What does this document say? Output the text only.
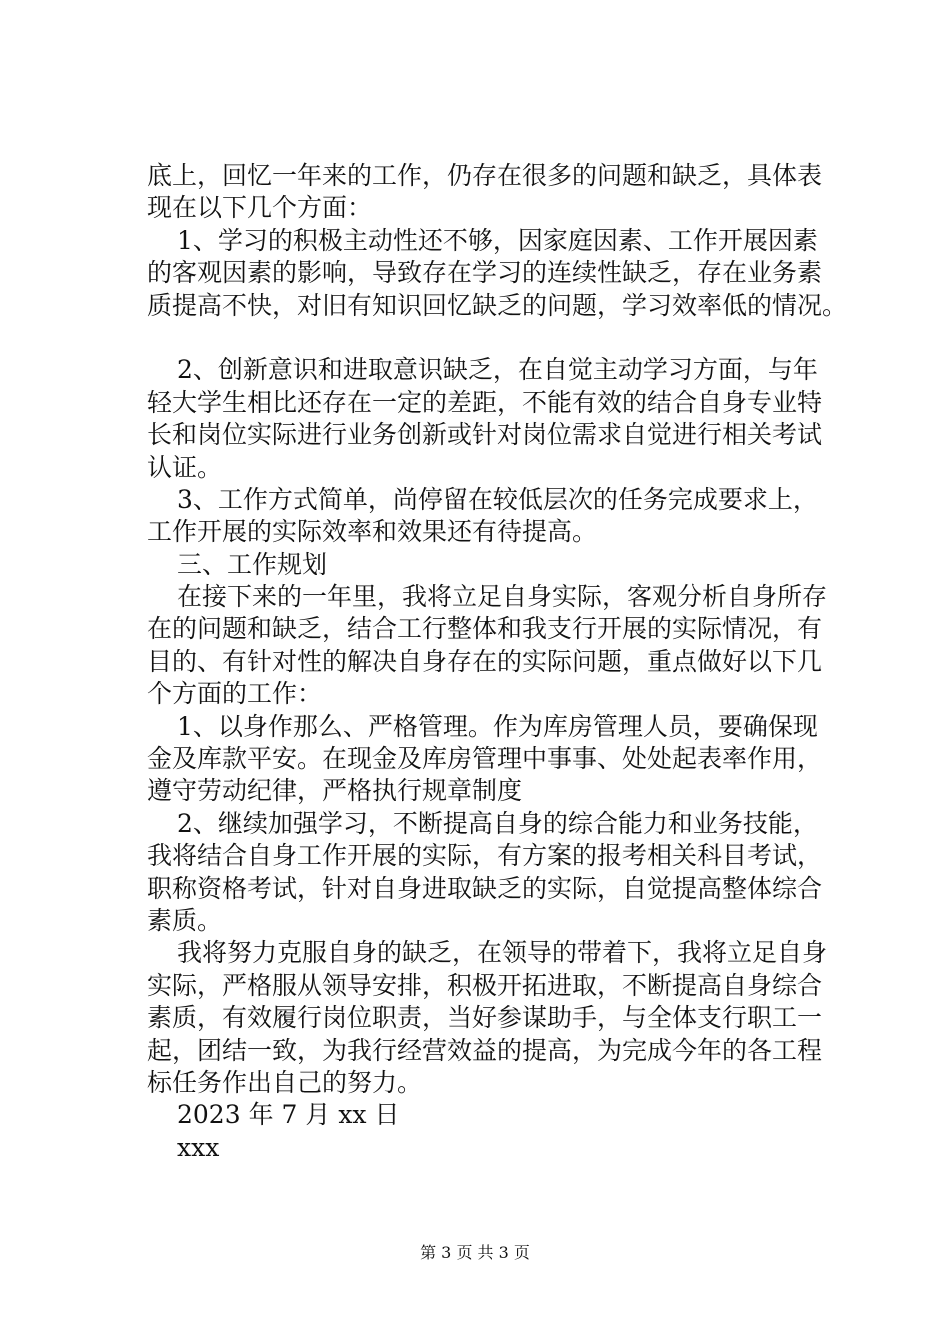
底上，回忆一年来的工作，仍存在很多的问题和缺乏，具体表
现在以下几个方面：
1、学习的积极主动性还不够，因家庭因素、工作开展因素
的客观因素的影响，导致存在学习的连续性缺乏，存在业务素
质提高不快，对旧有知识回忆缺乏的问题，学习效率低的情况。
2、创新意识和进取意识缺乏，在自觉主动学习方面，与年
轻大学生相比还存在一定的差距，不能有效的结合自身专业特
长和岗位实际进行业务创新或针对岗位需求自觉进行相关考试
认证。
3、工作方式简单，尚停留在较低层次的任务完成要求上，
工作开展的实际效率和效果还有待提高。
三、工作规划
在接下来的一年里，我将立足自身实际，客观分析自身所存
在的问题和缺乏，结合工行整体和我支行开展的实际情况，有
目的、有针对性的解决自身存在的实际问题，重点做好以下几
个方面的工作：
1、以身作那么、严格管理。作为库房管理人员，要确保现
金及库款平安。在现金及库房管理中事事、处处起表率作用，
遵守劳动纪律，严格执行规章制度
2、继续加强学习，不断提高自身的综合能力和业务技能，
我将结合自身工作开展的实际，有方案的报考相关科目考试，
职称资格考试，针对自身进取缺乏的实际，自觉提高整体综合
素质。
我将努力克服自身的缺乏，在领导的带着下，我将立足自身
实际，严格服从领导安排，积极开拓进取，不断提高自身综合
素质，有效履行岗位职责，当好参谋助手，与全体支行职工一
起，团结一致，为我行经营效益的提高，为完成今年的各工程
标任务作出自己的努力。
2023 年 7 月 xx 日
xxx
第 3 页 共 3 页
